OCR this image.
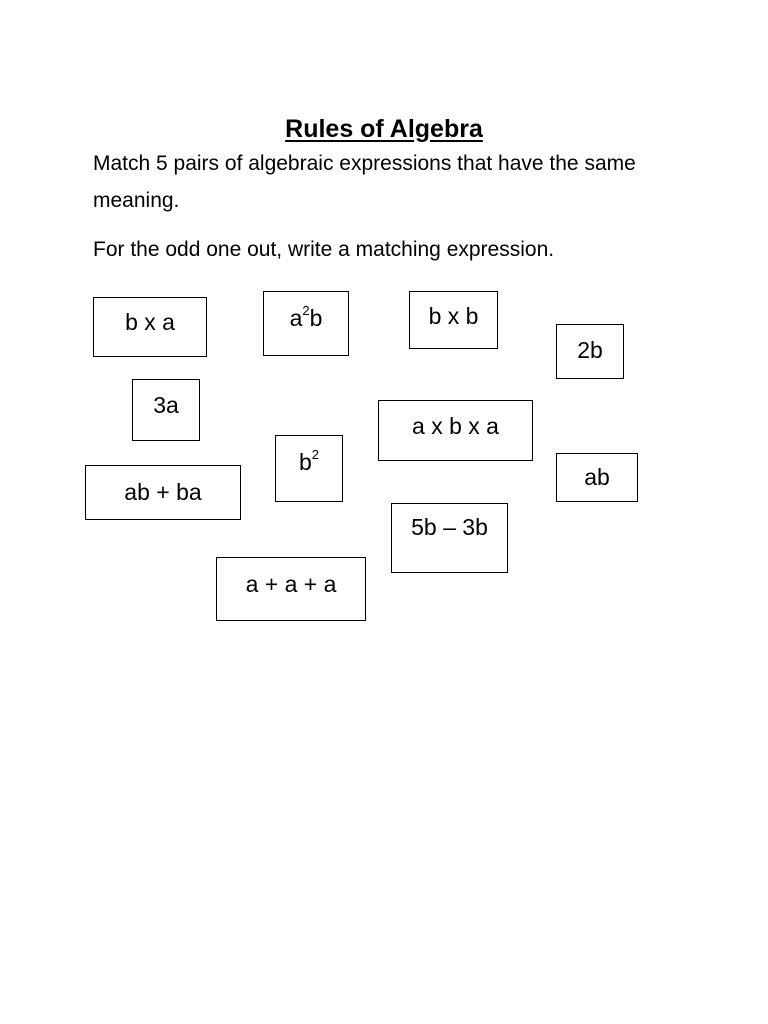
Rules of Algebra
Match 5 pairs of algebraic expressions that have the same meaning.
For the odd one out, write a matching expression.
b x a	$a^2b$	b x b
2b
3a
a x b x a
$b^2$
ab + ba
ab
5b – 3b
a + a + a
